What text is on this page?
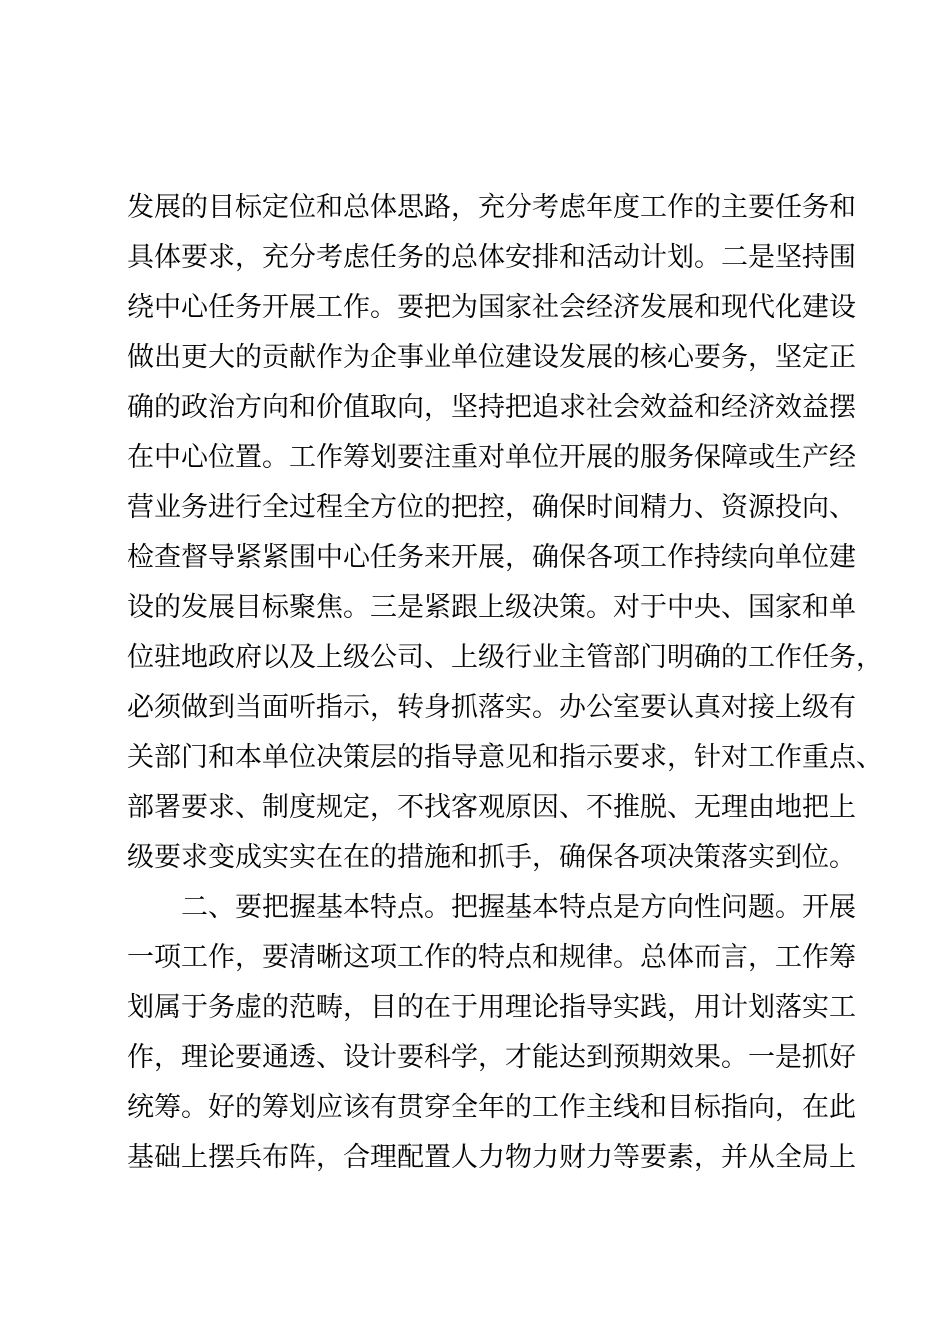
发展的目标定位和总体思路，充分考虑年度工作的主要任务和
具体要求，充分考虑任务的总体安排和活动计划。二是坚持围
绕中心任务开展工作。要把为国家社会经济发展和现代化建设
做出更大的贡献作为企事业单位建设发展的核心要务，坚定正
确的政治方向和价值取向，坚持把追求社会效益和经济效益摆
在中心位置。工作筹划要注重对单位开展的服务保障或生产经
营业务进行全过程全方位的把控，确保时间精力、资源投向、
检查督导紧紧围中心任务来开展，确保各项工作持续向单位建
设的发展目标聚焦。三是紧跟上级决策。对于中央、国家和单
位驻地政府以及上级公司、上级行业主管部门明确的工作任务，
必须做到当面听指示，转身抓落实。办公室要认真对接上级有
关部门和本单位决策层的指导意见和指示要求，针对工作重点、
部署要求、制度规定，不找客观原因、不推脱、无理由地把上
级要求变成实实在在的措施和抓手，确保各项决策落实到位。
二、要把握基本特点。把握基本特点是方向性问题。开展
一项工作，要清晰这项工作的特点和规律。总体而言，工作筹
划属于务虚的范畴，目的在于用理论指导实践，用计划落实工
作，理论要通透、设计要科学，才能达到预期效果。一是抓好
统筹。好的筹划应该有贯穿全年的工作主线和目标指向，在此
基础上摆兵布阵，合理配置人力物力财力等要素，并从全局上
